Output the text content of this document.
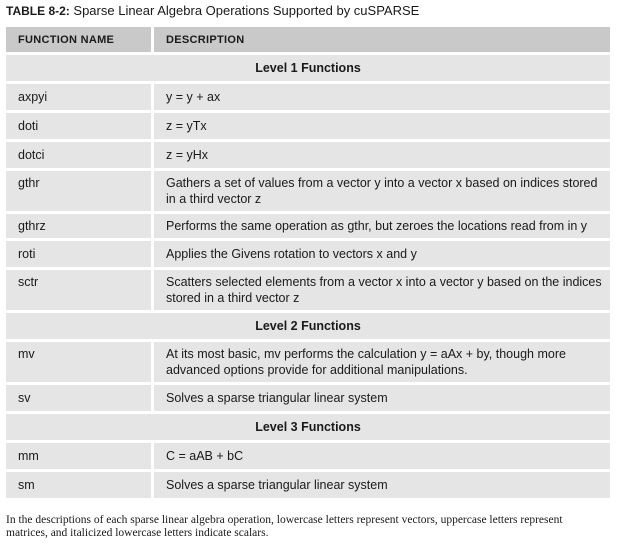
TABLE 8-2: Sparse Linear Algebra Operations Supported by cuSPARSE
FUNCTION NAME	DESCRIPTION
Level 1 Functions	
axpyi	y = y + ax
doti	z = yTx
dotci	z = yHx
gthr	Gathers a set of values from a vector y into a vector x based on indices stored in a third vector z
gthrz	Performs the same operation as gthr, but zeroes the locations read from in y
roti	Applies the Givens rotation to vectors x and y
sctr	Scatters selected elements from a vector x into a vector y based on the indices stored in a third vector z
Level 2 Functions	
mv	At its most basic, mv performs the calculation y = aAx + by, though more advanced options provide for additional manipulations.
sv	Solves a sparse triangular linear system
Level 3 Functions	
mm	C = aAB + bC
sm	Solves a sparse triangular linear system
In the descriptions of each sparse linear algebra operation, lowercase letters represent vectors, uppercase letters represent matrices, and italicized lowercase letters indicate scalars.
